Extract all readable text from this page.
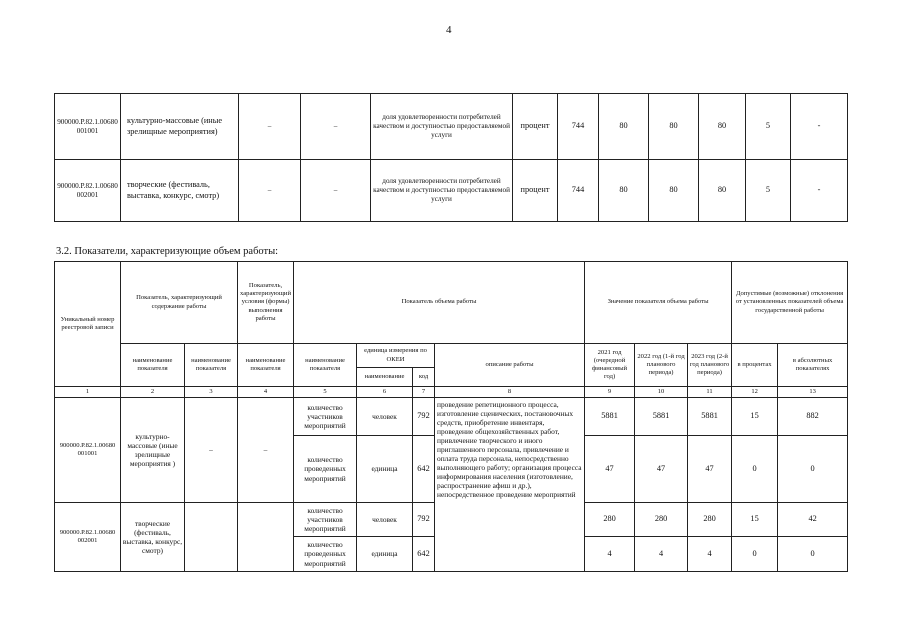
4
900000.Р.82.1.00680 001001	культурно-массовые (иные зрелищные мероприятия)	–	–	доля удовлетворенности потребителей качеством и доступностью предоставляемой услуги	процент	744	80	80	80	5	-
900000.Р.82.1.00680 002001	творческие (фестиваль, выставка, конкурс, смотр)	–	–	доля удовлетворенности потребителей качеством и доступностью предоставляемой услуги	процент	744	80	80	80	5	-
3.2. Показатели, характеризующие объем работы:
Уникальный номер реестровой записи	Показатель, характеризующий содержание работы		Показатель, характеризующий условия (формы) выполнения работы	Показатель объема работы				Значение показателя объема работы			Допустимые (возможные) отклонения от установленных показателей объема государственной работы	
	наименование показателя	наименование показателя	наименование показателя	наименование показателя	единица измерения по ОКЕИ		описание работы	2021 год (очередной финансовый год)	2022 год (1-й год планового периода)	2023 год (2-й год планового периода)	в процентах	в абсолютных показателях
					наименование	код						
1	2	3	4	5	6	7	8	9	10	11	12	13
900000.Р.82.1.00680 001001	культурно-массовые (иные зрелищные мероприятия )	–	–	количество участников мероприятий	человек	792	проведение репетиционного процесса, изготовление сценических, постановочных средств, приобретение инвентаря, проведение общехозяйственных работ, привлечение творческого и иного приглашенного персонала, привлечение и оплата труда персонала, непосредственно выполняющего работу; организация процесса информирования населения (изготовление, распространение афиш и др.), непосредственное проведение мероприятий	5881	5881	5881	15	882
				количество проведенных мероприятий	единица	642		47	47	47	0	0
900000.Р.82.1.00680 002001	творческие (фестиваль, выставка, конкурс, смотр)			количество участников мероприятий	человек	792		280	280	280	15	42
				количество проведенных мероприятий	единица	642		4	4	4	0	0
